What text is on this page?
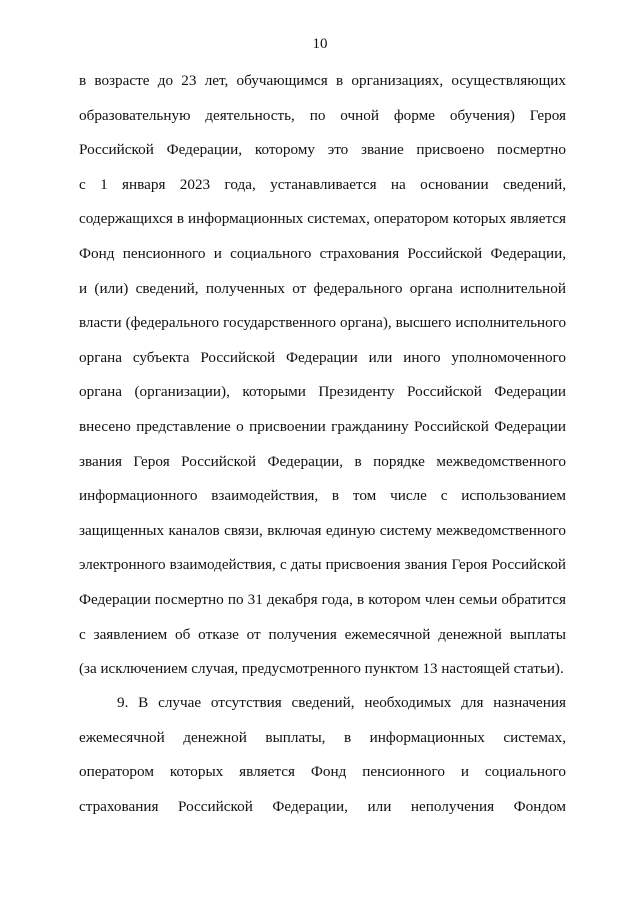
10
в возрасте до 23 лет, обучающимся в организациях, осуществляющих
образовательную деятельность, по очной форме обучения) Героя
Российской Федерации, которому это звание присвоено посмертно
с 1 января 2023 года, устанавливается на основании сведений,
содержащихся в информационных системах, оператором которых является
Фонд пенсионного и социального страхования Российской Федерации,
и (или) сведений, полученных от федерального органа исполнительной
власти (федерального государственного органа), высшего исполнительного
органа субъекта Российской Федерации или иного уполномоченного
органа (организации), которыми Президенту Российской Федерации
внесено представление о присвоении гражданину Российской Федерации
звания Героя Российской Федерации, в порядке межведомственного
информационного взаимодействия, в том числе с использованием
защищенных каналов связи, включая единую систему межведомственного
электронного взаимодействия, с даты присвоения звания Героя Российской
Федерации посмертно по 31 декабря года, в котором член семьи обратится
с заявлением об отказе от получения ежемесячной денежной выплаты
(за исключением случая, предусмотренного пунктом 13 настоящей статьи).
9. В случае отсутствия сведений, необходимых для назначения
ежемесячной денежной выплаты, в информационных системах,
оператором которых является Фонд пенсионного и социального
страхования Российской Федерации, или неполучения Фондом
